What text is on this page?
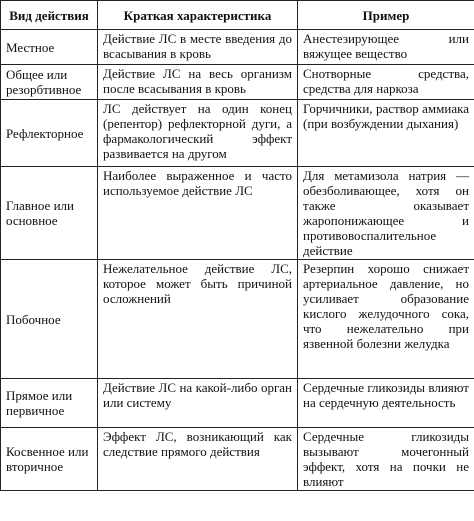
Вид действия	Краткая характеристика	Пример
Местное	Действие ЛС в месте введения до всасывания в кровь	Анестезирующее или вяжущее вещество
Общее или резорбтивное	Действие ЛС на весь организм после всасывания в кровь	Снотворные средства, средства для наркоза
Рефлекторное	ЛС действует на один конец (репентор) рефлекторной дуги, а фармакологический эффект развивается на другом	Горчичники, раствор аммиака (при возбуждении дыхания)
Главное или основное	Наиболее выраженное и часто используемое действие ЛС	Для метамизола натрия — обезболивающее, хотя он также оказывает жаропонижающее и противовоспалительное действие
Побочное	Нежелательное действие ЛС, которое может быть причиной осложнений	Резерпин хорошо снижает артериальное давление, но усиливает образование кислого желудочного сока, что нежелательно при язвенной болезни желудка
Прямое или первичное	Действие ЛС на какой-либо орган или систему	Сердечные гликозиды влияют на сердечную деятельность
Косвенное или вторичное	Эффект ЛС, возникающий как следствие прямого действия	Сердечные гликозиды вызывают мочегонный эффект, хотя на почки не влияют
